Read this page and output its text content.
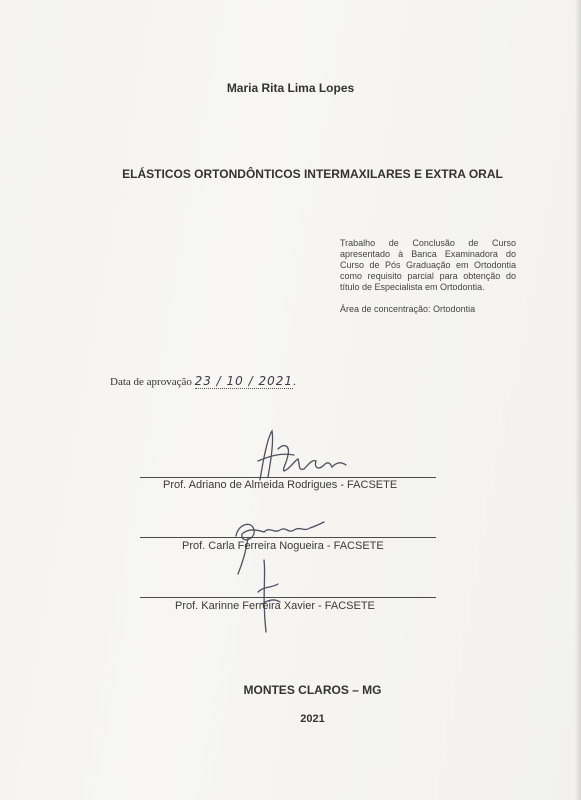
Maria Rita Lima Lopes
ELÁSTICOS ORTONDÔNTICOS INTERMAXILARES E EXTRA ORAL

Trabalho de Conclusão de Curso apresentado à Banca Examinadora do Curso de Pós Graduação em Ortodontia como requisito parcial para obtenção do título de Especialista em Ortodontia.

Área de concentração: Ortodontia

Data de aprovação 23 / 10 / 2021.
Prof. Adriano de Almeida Rodrigues - FACSETE
Prof. Carla Ferreira Nogueira - FACSETE
Prof. Karinne Ferreira Xavier - FACSETE
MONTES CLAROS – MG
2021
